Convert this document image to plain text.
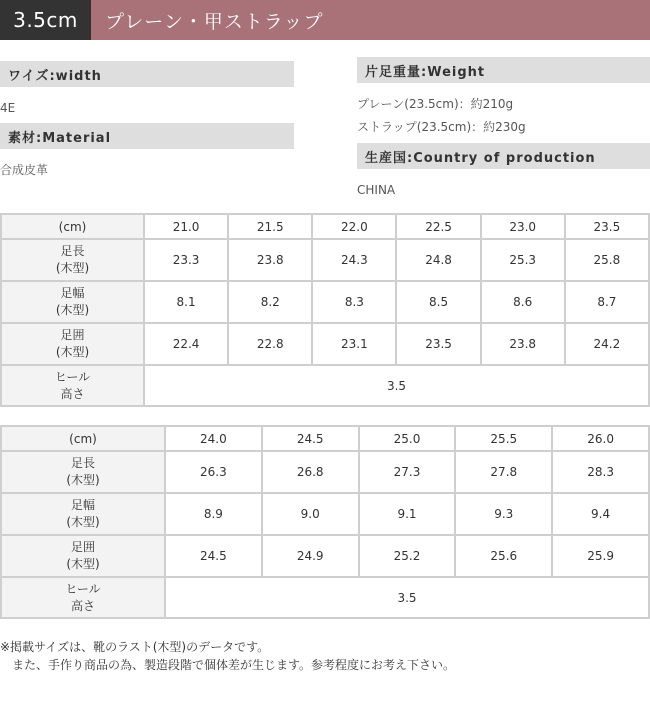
3.5cm	プレーン・甲ストラップ
ワイズ:width
4E
素材:Material
合成皮革
片足重量:Weight
プレーン(23.5cm)：約210g
ストラップ(23.5cm)：約230g
生産国:Country of production
CHINA
(cm)	21.0	21.5	22.0	22.5	23.0	23.5
足長
(木型)	23.3	23.8	24.3	24.8	25.3	25.8
足幅
(木型)	8.1	8.2	8.3	8.5	8.6	8.7
足囲
(木型)	22.4	22.8	23.1	23.5	23.8	24.2
ヒール
高さ	3.5					
(cm)	24.0	24.5	25.0	25.5	26.0
足長
(木型)	26.3	26.8	27.3	27.8	28.3
足幅
(木型)	8.9	9.0	9.1	9.3	9.4
足囲
(木型)	24.5	24.9	25.2	25.6	25.9
ヒール
高さ	3.5				
※掲載サイズは、靴のラスト(木型)のデータです。
　また、手作り商品の為、製造段階で個体差が生じます。参考程度にお考え下さい。
